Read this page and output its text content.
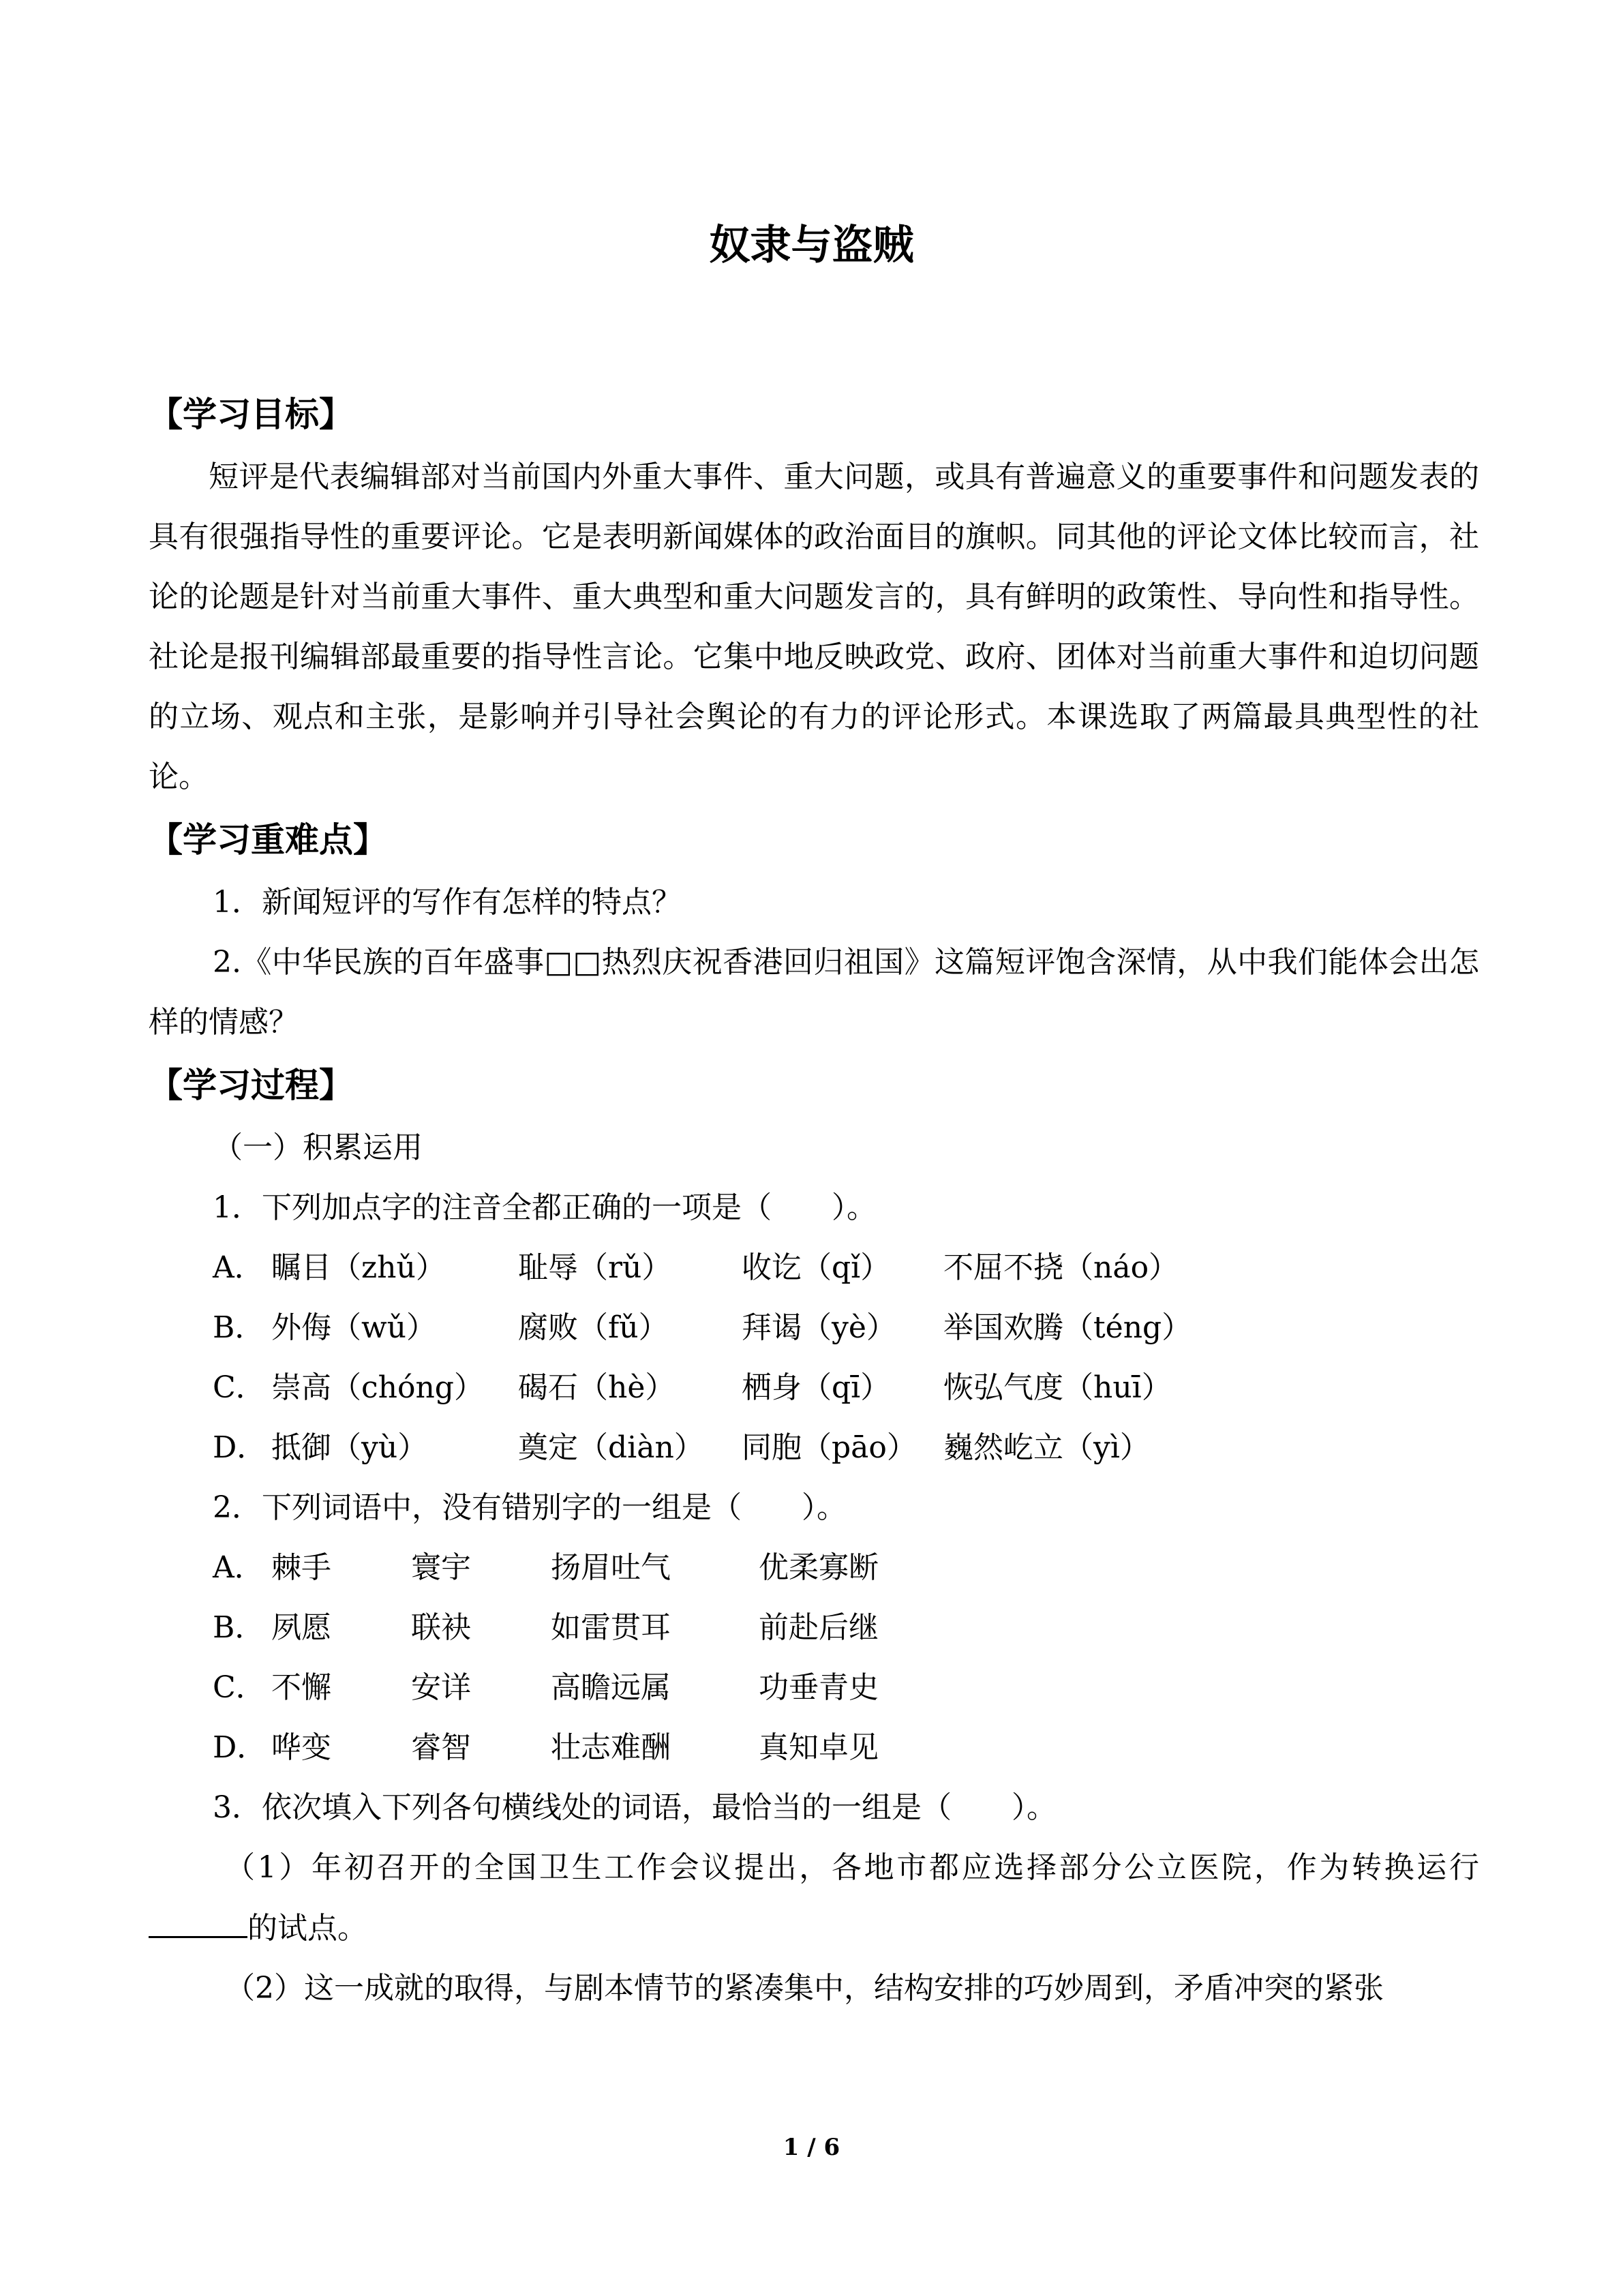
奴隶与盗贼
【学习目标】

短评是代表编辑部对当前国内外重大事件、重大问题，或具有普遍意义的重要事件和问题发表的具有很强指导性的重要评论。它是表明新闻媒体的政治面目的旗帜。同其他的评论文体比较而言，社论的论题是针对当前重大事件、重大典型和重大问题发言的，具有鲜明的政策性、导向性和指导性。社论是报刊编辑部最重要的指导性言论。它集中地反映政党、政府、团体对当前重大事件和迫切问题的立场、观点和主张，是影响并引导社会舆论的有力的评论形式。本课选取了两篇最具典型性的社论。

【学习重难点】

1．新闻短评的写作有怎样的特点？

2.《中华民族的百年盛事□□热烈庆祝香港回归祖国》这篇短评饱含深情，从中我们能体会出怎样的情感？

【学习过程】
（一）积累运用
1．下列加点字的注音全都正确的一项是（　　）。
A． 瞩目（zhǔ）	耻辱（rǔ）	收讫（qǐ）	不屈不挠（náo）
B． 外侮（wǔ）	腐败（fǔ）	拜谒（yè）	举国欢腾（téng）
C． 崇高（chóng）	碣石（hè）	栖身（qī）	恢弘气度（huī）
D． 抵御（yù）	奠定（diàn）	同胞（pāo） 巍然屹立（yì）
2．下列词语中，没有错别字的一组是（　　）。
A． 棘手	寰宇	扬眉吐气	优柔寡断
B． 夙愿	联袂	如雷贯耳	前赴后继
C． 不懈	安详	高瞻远属	功垂青史
D． 哗变	睿智	壮志难酬	真知卓见
3．依次填入下列各句横线处的词语，最恰当的一组是（　　）。

（1）年初召开的全国卫生工作会议提出，各地市都应选择部分公立医院，作为转换运行的试点。

（2）这一成就的取得，与剧本情节的紧凑集中，结构安排的巧妙周到，矛盾冲突的紧张

1 / 6
